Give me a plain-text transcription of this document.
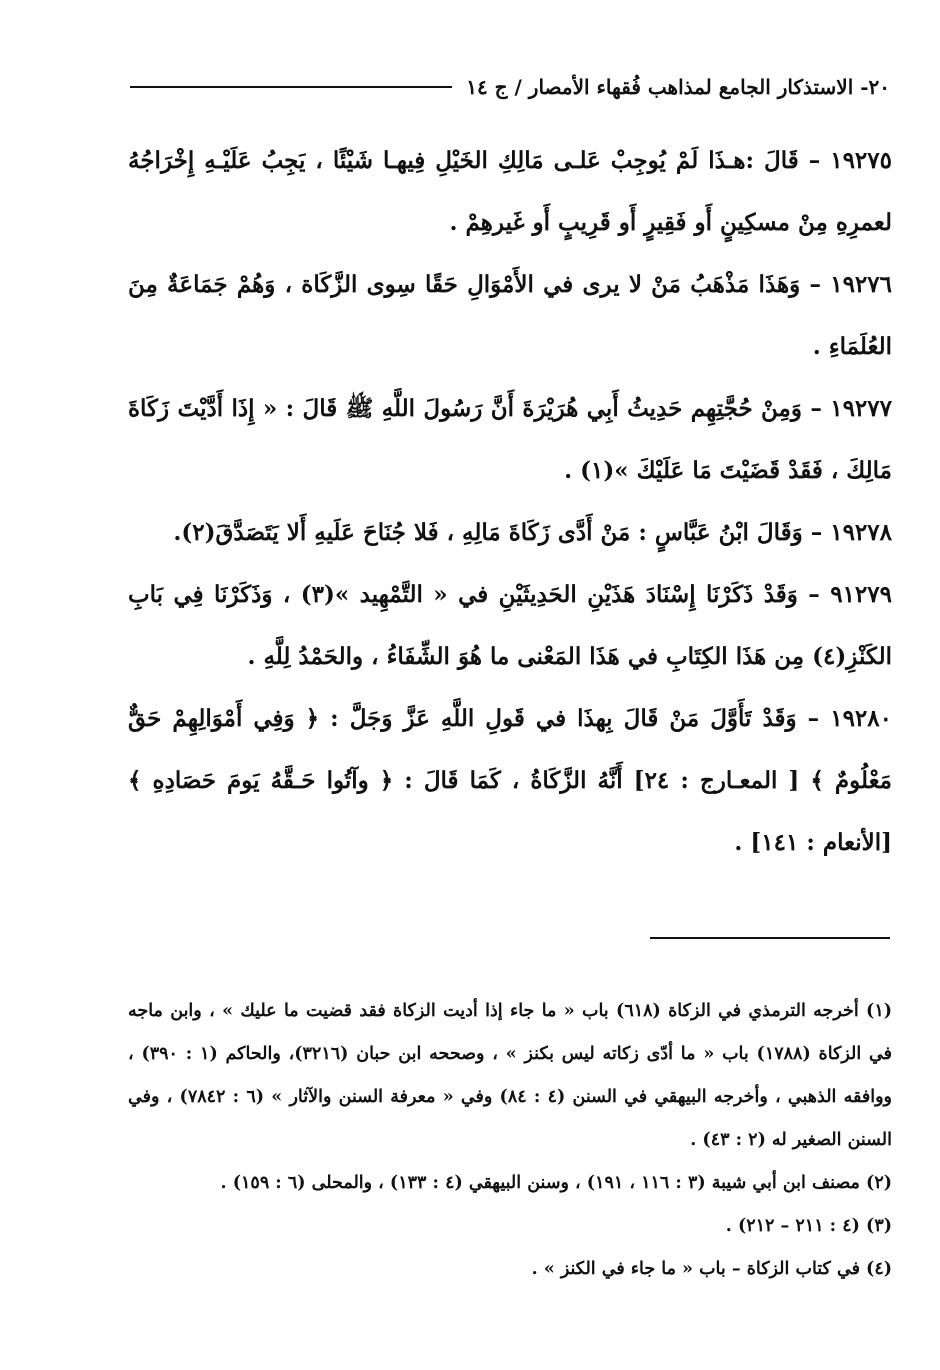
٢٠- الاستذكار الجامع لمذاهب فُقهاء الأمصار / ج ١٤

١٩٢٧٥ – قَالَ :هـذَا لَمْ يُوجِبْ عَلـى مَالِكِ الخَيْلِ فِيهـا شَيْئًا ، يَجِبُ عَلَيْـهِ إِخْرَاجُهُ لعمرِهِ مِنْ مسكِينٍ أَو فَقِيرٍ أَو قَرِيبٍ أَو غَيرهِمْ .

١٩٢٧٦ – وَهَذَا مَذْهَبُ مَنْ لا يرى في الأَمْوَالِ حَقًا سِوى الزَّكَاة ، وَهُمْ جَمَاعَةٌ مِنَ العُلَمَاءِ .

١٩٢٧٧ – وَمِنْ حُجَّتِهِم حَدِيثُ أَبِي هُرَيْرَةَ أَنَّ رَسُولَ اللَّهِ ﷺ قَالَ : « إِذَا أَدَّيْتَ زَكَاةَ مَالِكَ ، فَقَدْ قَضَيْتَ مَا عَلَيْكَ »(١) .

١٩٢٧٨ – وَقَالَ ابْنُ عَبَّاسٍ : مَنْ أَدَّى زَكَاةَ مَالِهِ ، فَلا جُنَاحَ عَلَيهِ أَلا يَتَصَدَّقَ(٢).

٩١٢٧٩ – وَقَدْ ذَكَرْنَا إِسْنَادَ هَذَيْنِ الحَدِيثَيْنِ في « التَّمْهِيد »(٣) ، وَذَكَرْنَا فِي بَابِ الكَنْزِ(٤) مِن هَذَا الكِتَابِ في هَذَا المَعْنى ما هُوَ الشِّفَاءُ ، والحَمْدُ لِلَّهِ .

١٩٢٨٠ – وَقَدْ تَأَوَّلَ مَنْ قَالَ بِهذَا في قَولِ اللَّهِ عَزَّ وَجَلَّ : ﴿ وَفِي أَمْوَالِهِمْ حَقٌّ مَعْلُومٌ ﴾ [ المعـارج : ٢٤] أَنَّهُ الزَّكَاةُ ، كَمَا قَالَ : ﴿ وآتُوا حَـقَّهُ يَومَ حَصَادِهِ ﴾ [الأنعام : ١٤١] .

(١) أخرجه الترمذي في الزكاة (٦١٨) باب « ما جاء إذا أديت الزكاة فقد قضيت ما عليك » ، وابن ماجه في الزكاة (١٧٨٨) باب « ما أدّى زكاته ليس بكنز » ، وصححه ابن حبان (٣٢١٦)، والحاكم (١ : ٣٩٠) ، ووافقه الذهبي ، وأخرجه البيهقي في السنن (٤ : ٨٤) وفي « معرفة السنن والآثار » (٦ : ٧٨٤٢) ، وفي السنن الصغير له (٢ : ٤٣) .

(٢) مصنف ابن أبي شيبة (٣ : ١١٦ ، ١٩١) ، وسنن البيهقي (٤ : ١٣٣) ، والمحلى (٦ : ١٥٩) .

(٣) (٤ : ٢١١ – ٢١٢) .

(٤) في كتاب الزكاة – باب « ما جاء في الكنز » .
